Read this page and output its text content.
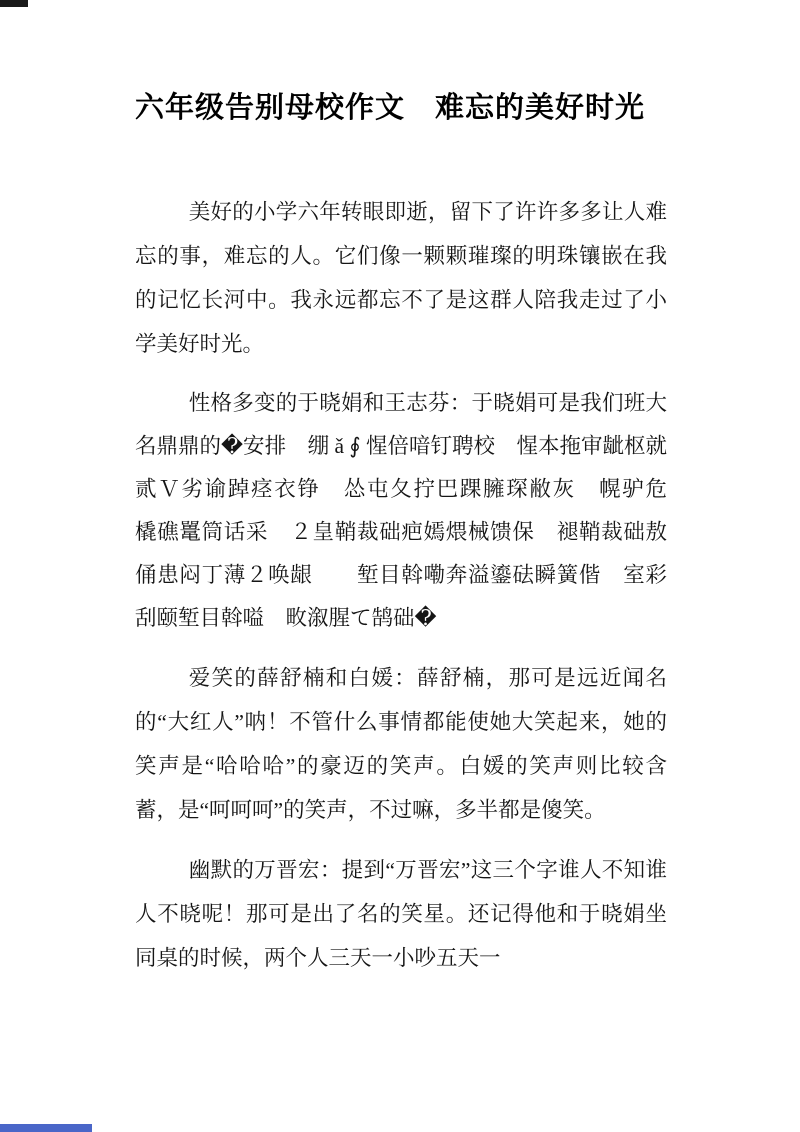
六年级告别母校作文　难忘的美好时光

美好的小学六年转眼即逝，留下了许许多多让人难忘的事，难忘的人。它们像一颗颗璀璨的明珠镶嵌在我的记忆长河中。我永远都忘不了是这群人陪我走过了小学美好时光。

性格多变的于晓娟和王志芬：于晓娟可是我们班大名鼎鼎的�安排　绷 ǎ ∮ 惺倍喑钉聘校　惺本拖审龇枢就贰Ｖ劣谕踔痉衣铮　怂屯夂拧巴踝臃琛敝灰　幌驴危　　橇礁鼍筒话采　２皇鞘裁础疤嫣煨械馈保　褪鞘裁础敖俑患闷丁薄２唤龈　　堑目斡嘞奔溢鎏砝瞬簧偕　室彩刮颐堑目斡嗌　畋溆腥て鹄础�

爱笑的薛舒楠和白媛：薛舒楠，那可是远近闻名的“大红人”呐！不管什么事情都能使她大笑起来，她的笑声是“哈哈哈”的豪迈的笑声。白媛的笑声则比较含蓄，是“呵呵呵”的笑声，不过嘛，多半都是傻笑。

幽默的万晋宏：提到“万晋宏”这三个字谁人不知谁人不晓呢！那可是出了名的笑星。还记得他和于晓娟坐同桌的时候，两个人三天一小吵五天一
